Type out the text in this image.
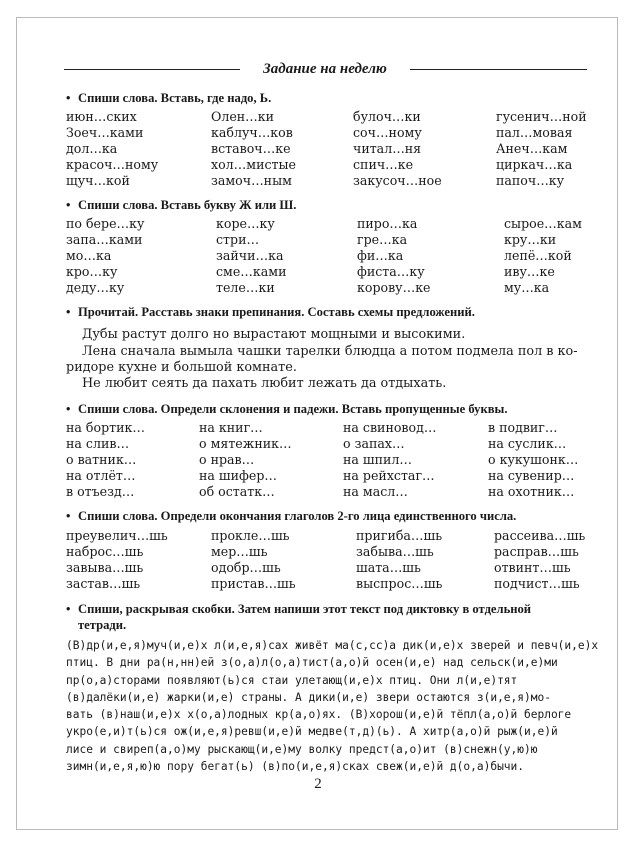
Задание на неделю
• Спиши слова. Вставь, где надо, Ь.
июн…ских	Олен…ки	булоч…ки	гусенич…ной
Зоеч…ками	каблуч…ков	соч…ному	пал…мовая
дол…ка	вставоч…ке	читал…ня	Анеч…кам
красоч…ному	хол…мистые	спич…ке	циркач…ка
щуч…кой	замоч…ным	закусоч…ное	папоч…ку
• Спиши слова. Вставь букву Ж или Ш.
по бере…ку	коре…ку	пиро…ка	сырое…кам
запа…ками	стри…	гре…ка	кру…ки
мо…ка	зайчи…ка	фи…ка	лепё…кой
кро…ку	сме…ками	фиста…ку	иву…ке
деду…ку	теле…ки	корову…ке	му…ка
• Прочитай. Расставь знаки препинания. Составь схемы предложений.
Дубы растут долго но вырастают мощными и высокими.
Лена сначала вымыла чашки тарелки блюдца а потом подмела пол в ко-
ридоре кухне и большой комнате.
Не любит сеять да пахать любит лежать да отдыхать.
• Спиши слова. Определи склонения и падежи. Вставь пропущенные буквы.
на бортик…	на книг…	на свиновод…	в подвиг…
на слив…	о мятежник…	о запах…	на суслик…
о ватник…	о нрав…	на шпил…	о кукушонк…
на отлёт…	на шифер…	на рейхстаг…	на сувенир…
в отъезд…	об остатк…	на масл…	на охотник…
• Спиши слова. Определи окончания глаголов 2-го лица единственного числа.
преувелич…шь	прокле…шь	пригиба…шь	рассеива…шь
наброс…шь	мер…шь	забыва…шь	расправ…шь
завыва…шь	одобр…шь	шата…шь	отвинт…шь
застав…шь	пристав…шь	выспрос…шь	подчист…шь
• Спиши, раскрывая скобки. Затем напиши этот текст под диктовку в отдельной
тетради.
(В)др(и,е,я)муч(и,е)х л(и,е,я)сах живёт ма(с,сс)а дик(и,е)х зверей и певч(и,е)х
птиц. В дни ра(н,нн)ей з(о,а)л(о,а)тист(а,о)й осен(и,е) над сельск(и,е)ми
пр(о,а)сторами появляют(ь)ся стаи улетающ(и,е)х птиц. Они л(и,е)тят
(в)далёки(и,е) жарки(и,е) страны. А дики(и,е) звери остаются з(и,е,я)мо-
вать (в)наш(и,е)х х(о,а)лодных кр(а,о)ях. (В)хорош(и,е)й тёпл(а,о)й берлоге
укро(е,и)т(ь)ся ож(и,е,я)ревш(и,е)й медве(т,д)(ь). А хитр(а,о)й рыж(и,е)й
лисе и свиреп(а,о)му рыскающ(и,е)му волку предст(а,о)ит (в)снежн(у,ю)ю
зимн(и,е,я,ю)ю пору бегат(ь) (в)по(и,е,я)сках свеж(и,е)й д(о,а)бычи.
2
